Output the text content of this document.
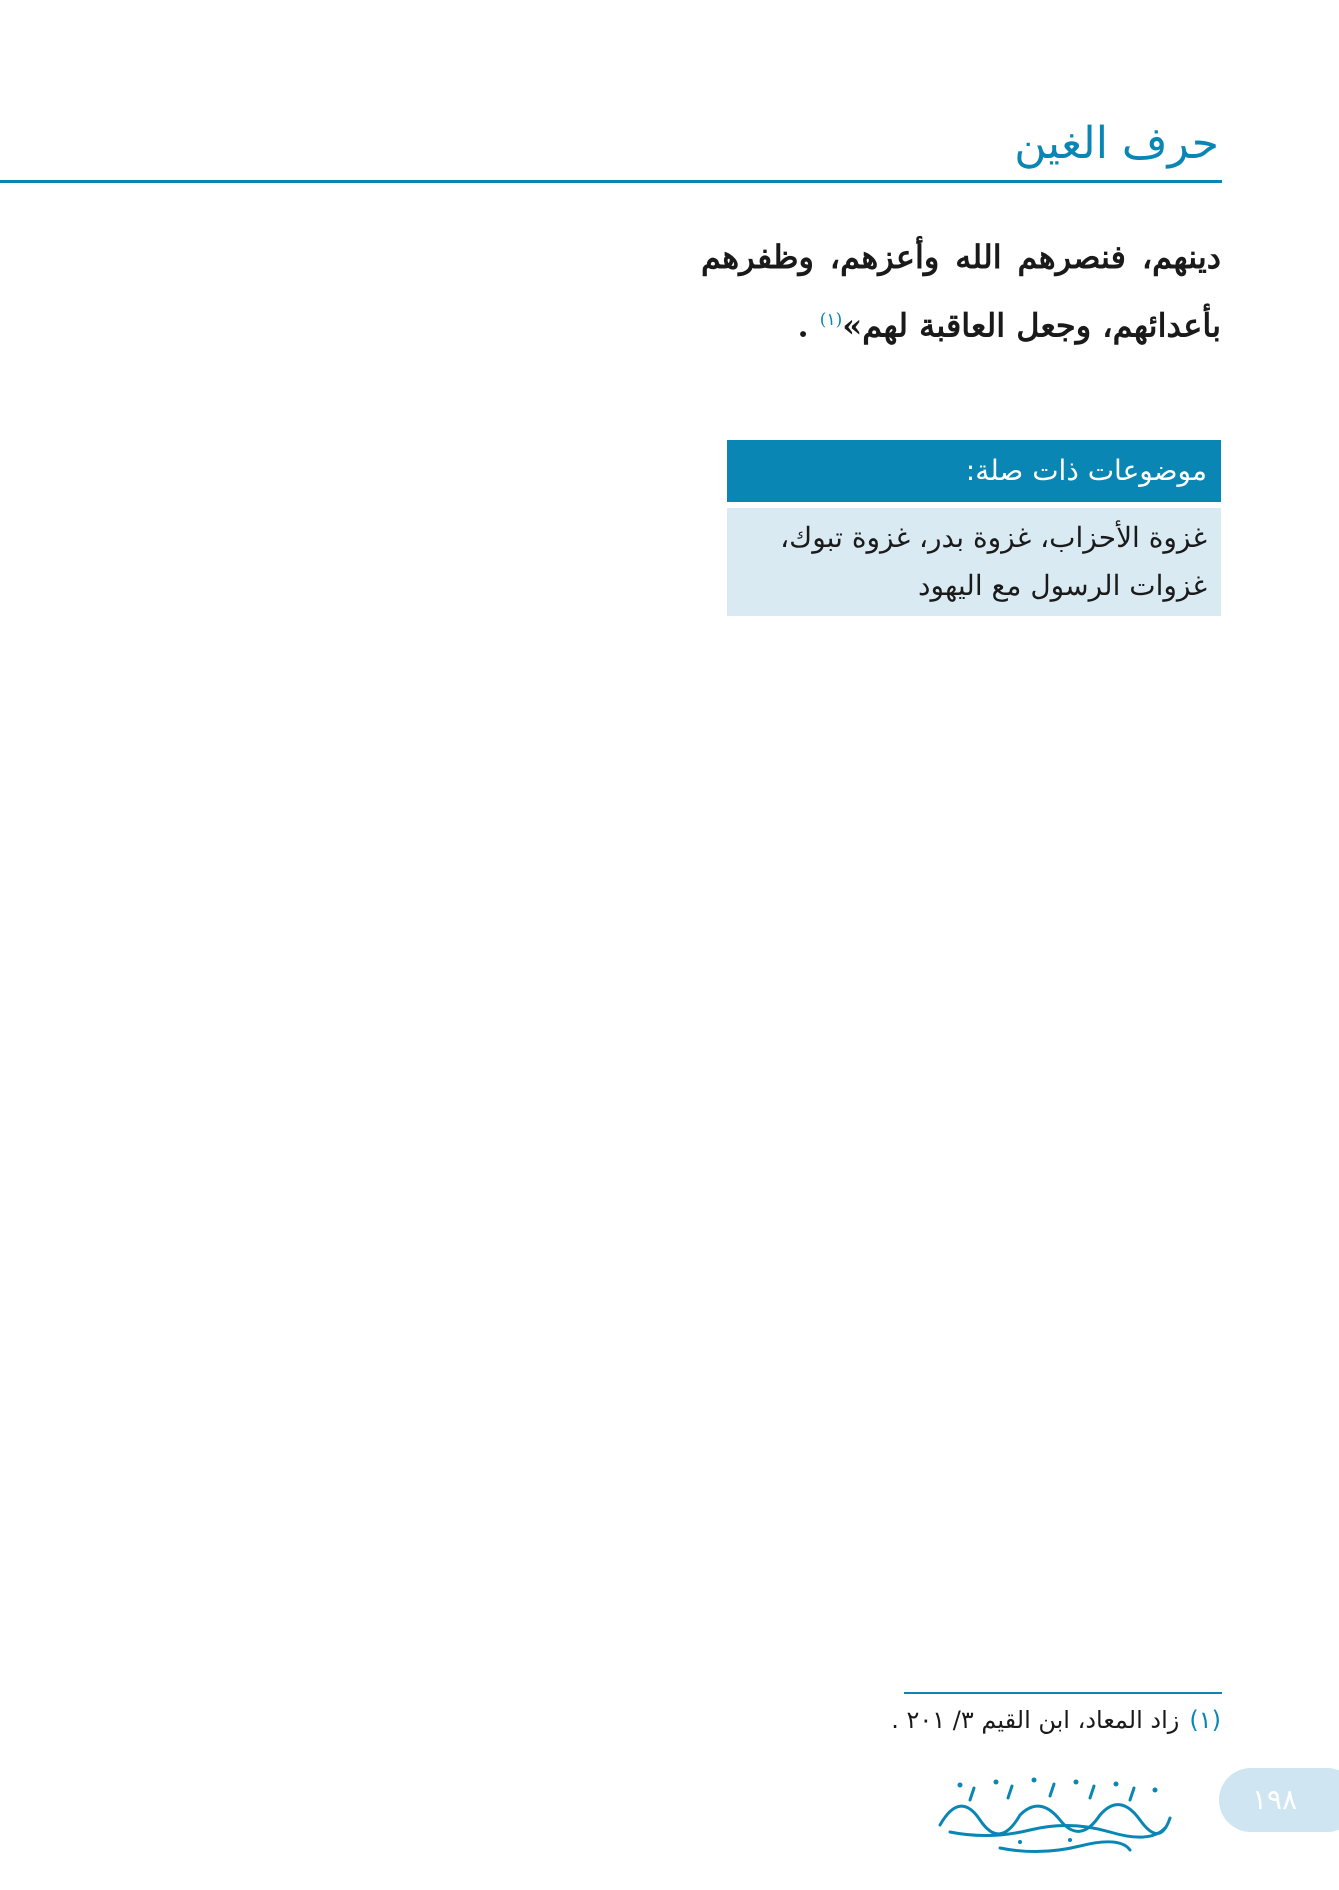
حرف الغين
دينهم، فنصرهم الله وأعزهم، وظفرهم بأعدائهم، وجعل العاقبة لهم»$^{(١)}$ .
موضوعات ذات صلة:
غزوة الأحزاب، غزوة بدر، غزوة تبوك، غزوات الرسول مع اليهود
(١)زاد المعاد، ابن القيم ٣/ ٢٠١ .
١٩٨
